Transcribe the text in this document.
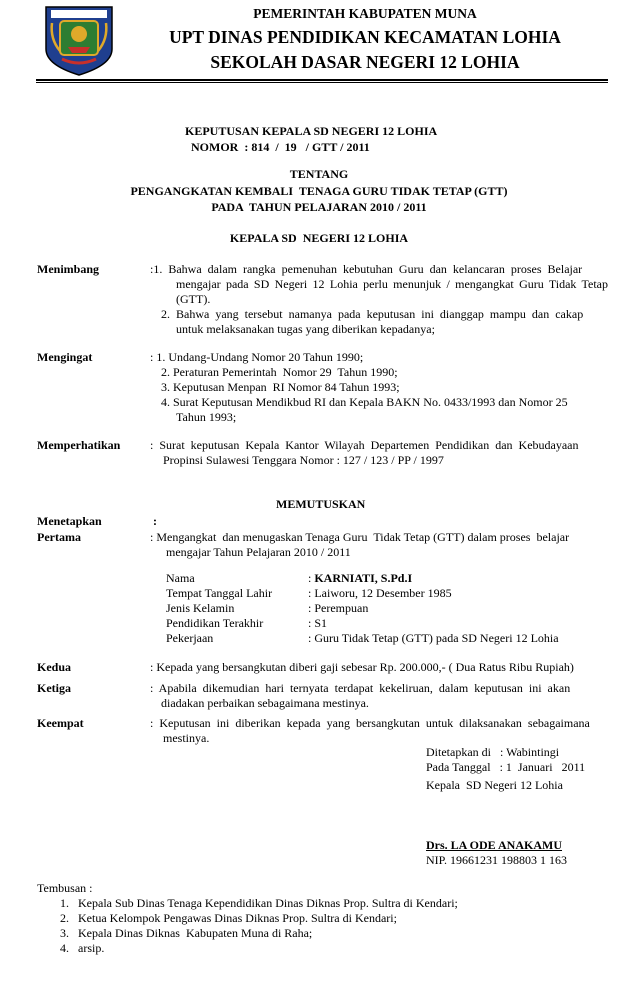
PEMERINTAH KABUPATEN MUNA
UPT DINAS PENDIDIKAN KECAMATAN LOHIA
SEKOLAH DASAR NEGERI 12 LOHIA
KEPUTUSAN KEPALA SD NEGERI 12 LOHIA
NOMOR  : 814  /  19   / GTT / 2011
TENTANG
PENGANGKATAN KEMBALI  TENAGA GURU TIDAK TETAP (GTT)
PADA  TAHUN PELAJARAN 2010 / 2011
KEPALA SD  NEGERI 12 LOHIA
Menimbang	:1.  Bahwa  dalam  rangka  pemenuhan  kebutuhan  Guru  dan  kelancaran  proses  Belajar
mengajar pada SD Negeri 12 Lohia perlu menunjuk / mengangkat Guru Tidak Tetap (GTT).
2.  Bahwa  yang  tersebut  namanya  pada  keputusan  ini  dianggap  mampu  dan  cakap
untuk melaksanakan tugas yang diberikan kepadanya;
Mengingat	: 1. Undang-Undang Nomor 20 Tahun 1990;
2. Peraturan Pemerintah  Nomor 29  Tahun 1990;
3. Keputusan Menpan  RI Nomor 84 Tahun 1993;
4. Surat Keputusan Mendikbud RI dan Kepala BAKN No. 0433/1993 dan Nomor 25
Tahun 1993;
Memperhatikan :  Surat  keputusan  Kepala  Kantor  Wilayah  Departemen  Pendidikan  dan  Kebudayaan
Propinsi Sulawesi Tenggara Nomor : 127 / 123 / PP / 1997
MEMUTUSKAN
Menetapkan	:
Pertama	: Mengangkat  dan menugaskan Tenaga Guru  Tidak Tetap (GTT) dalam proses  belajar
mengajar Tahun Pelajaran 2010 / 2011
Nama	: KARNIATI, S.Pd.I
Tempat Tanggal Lahir	: Laiworu, 12 Desember 1985
Jenis Kelamin	: Perempuan
Pendidikan Terakhir	: S1
Pekerjaan	: Guru Tidak Tetap (GTT) pada SD Negeri 12 Lohia
Kedua	: Kepada yang bersangkutan diberi gaji sebesar Rp. 200.000,- ( Dua Ratus Ribu Rupiah)
Ketiga	:  Apabila  dikemudian  hari  ternyata  terdapat  kekeliruan,  dalam  keputusan  ini  akan
diadakan perbaikan sebagaimana mestinya.
Keempat	:  Keputusan  ini  diberikan  kepada  yang  bersangkutan  untuk  dilaksanakan  sebagaimana
mestinya.
Ditetapkan di   : Wabintingi
Pada Tanggal   : 1  Januari   2011
Kepala  SD Negeri 12 Lohia
Drs. LA ODE ANAKAMU
NIP. 19661231 198803 1 163
Tembusan :
1.   Kepala Sub Dinas Tenaga Kependidikan Dinas Diknas Prop. Sultra di Kendari;
2.   Ketua Kelompok Pengawas Dinas Diknas Prop. Sultra di Kendari;
3.   Kepala Dinas Diknas  Kabupaten Muna di Raha;
4.   arsip.
